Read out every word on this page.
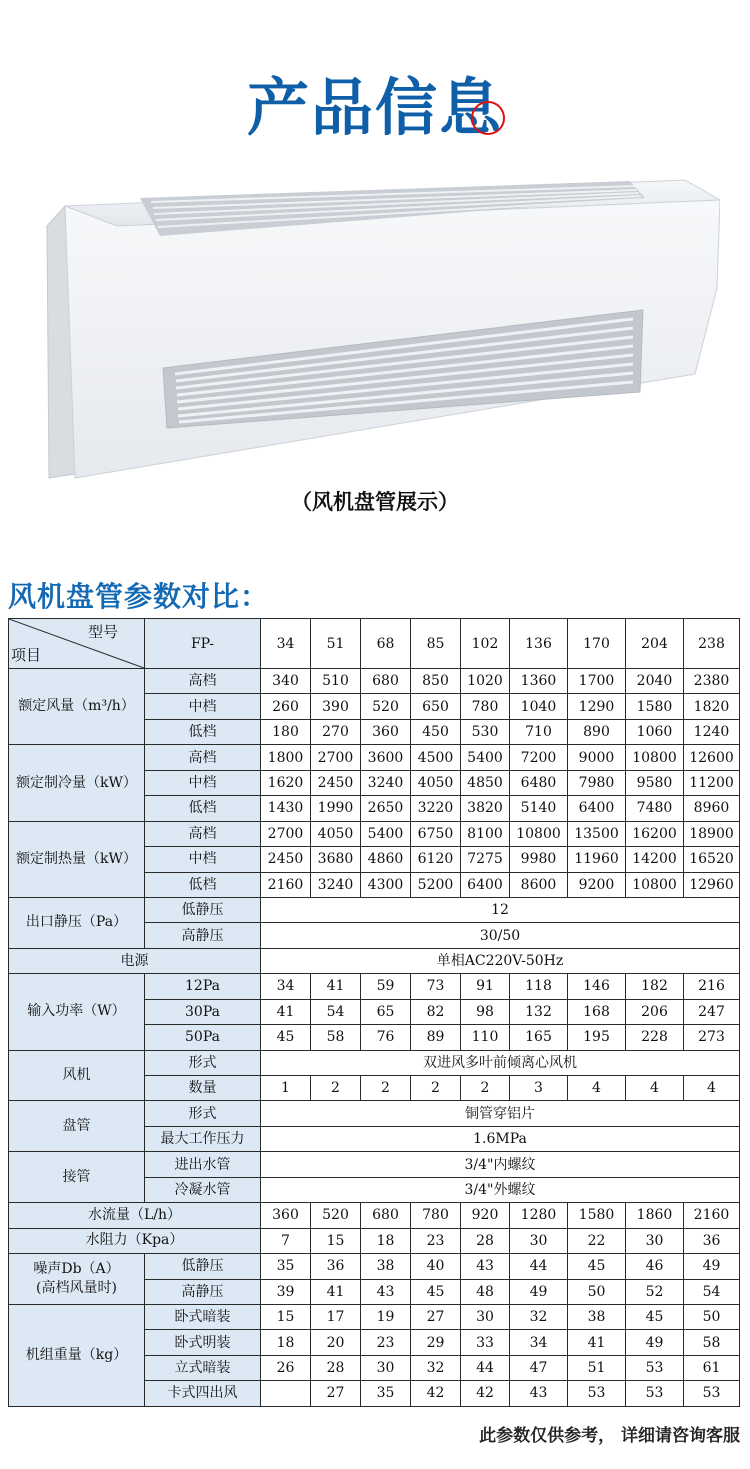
产品信息
（风机盘管展示）
风机盘管参数对比：
型号
项目	FP-	34	51	68	85	102	136	170	204	238
额定风量（m³/h）	高档	340	510	680	850	1020	1360	1700	2040	2380
	中档	260	390	520	650	780	1040	1290	1580	1820
	低档	180	270	360	450	530	710	890	1060	1240
额定制冷量（kW）	高档	1800	2700	3600	4500	5400	7200	9000	10800	12600
	中档	1620	2450	3240	4050	4850	6480	7980	9580	11200
	低档	1430	1990	2650	3220	3820	5140	6400	7480	8960
额定制热量（kW）	高档	2700	4050	5400	6750	8100	10800	13500	16200	18900
	中档	2450	3680	4860	6120	7275	9980	11960	14200	16520
	低档	2160	3240	4300	5200	6400	8600	9200	10800	12960
出口静压（Pa）	低静压	12								
	高静压	30/50								
电源		单相AC220V-50Hz								
输入功率（W）	12Pa	34	41	59	73	91	118	146	182	216
	30Pa	41	54	65	82	98	132	168	206	247
	50Pa	45	58	76	89	110	165	195	228	273
风机	形式	双进风多叶前倾离心风机								
	数量	1	2	2	2	2	3	4	4	4
盘管	形式	铜管穿铝片								
	最大工作压力	1.6MPa								
接管	进出水管	3/4"内螺纹								
	冷凝水管	3/4"外螺纹								
水流量（L/h）		360	520	680	780	920	1280	1580	1860	2160
水阻力（Kpa）		7	15	18	23	28	30	22	30	36
噪声Db（A）
(高档风量时)	低静压	35	36	38	40	43	44	45	46	49
	高静压	39	41	43	45	48	49	50	52	54
机组重量（kg）	卧式暗装	15	17	19	27	30	32	38	45	50
	卧式明装	18	20	23	29	33	34	41	49	58
	立式暗装	26	28	30	32	44	47	51	53	61
	卡式四出风		27	35	42	42	43	53	53	53
此参数仅供参考， 详细请咨询客服
